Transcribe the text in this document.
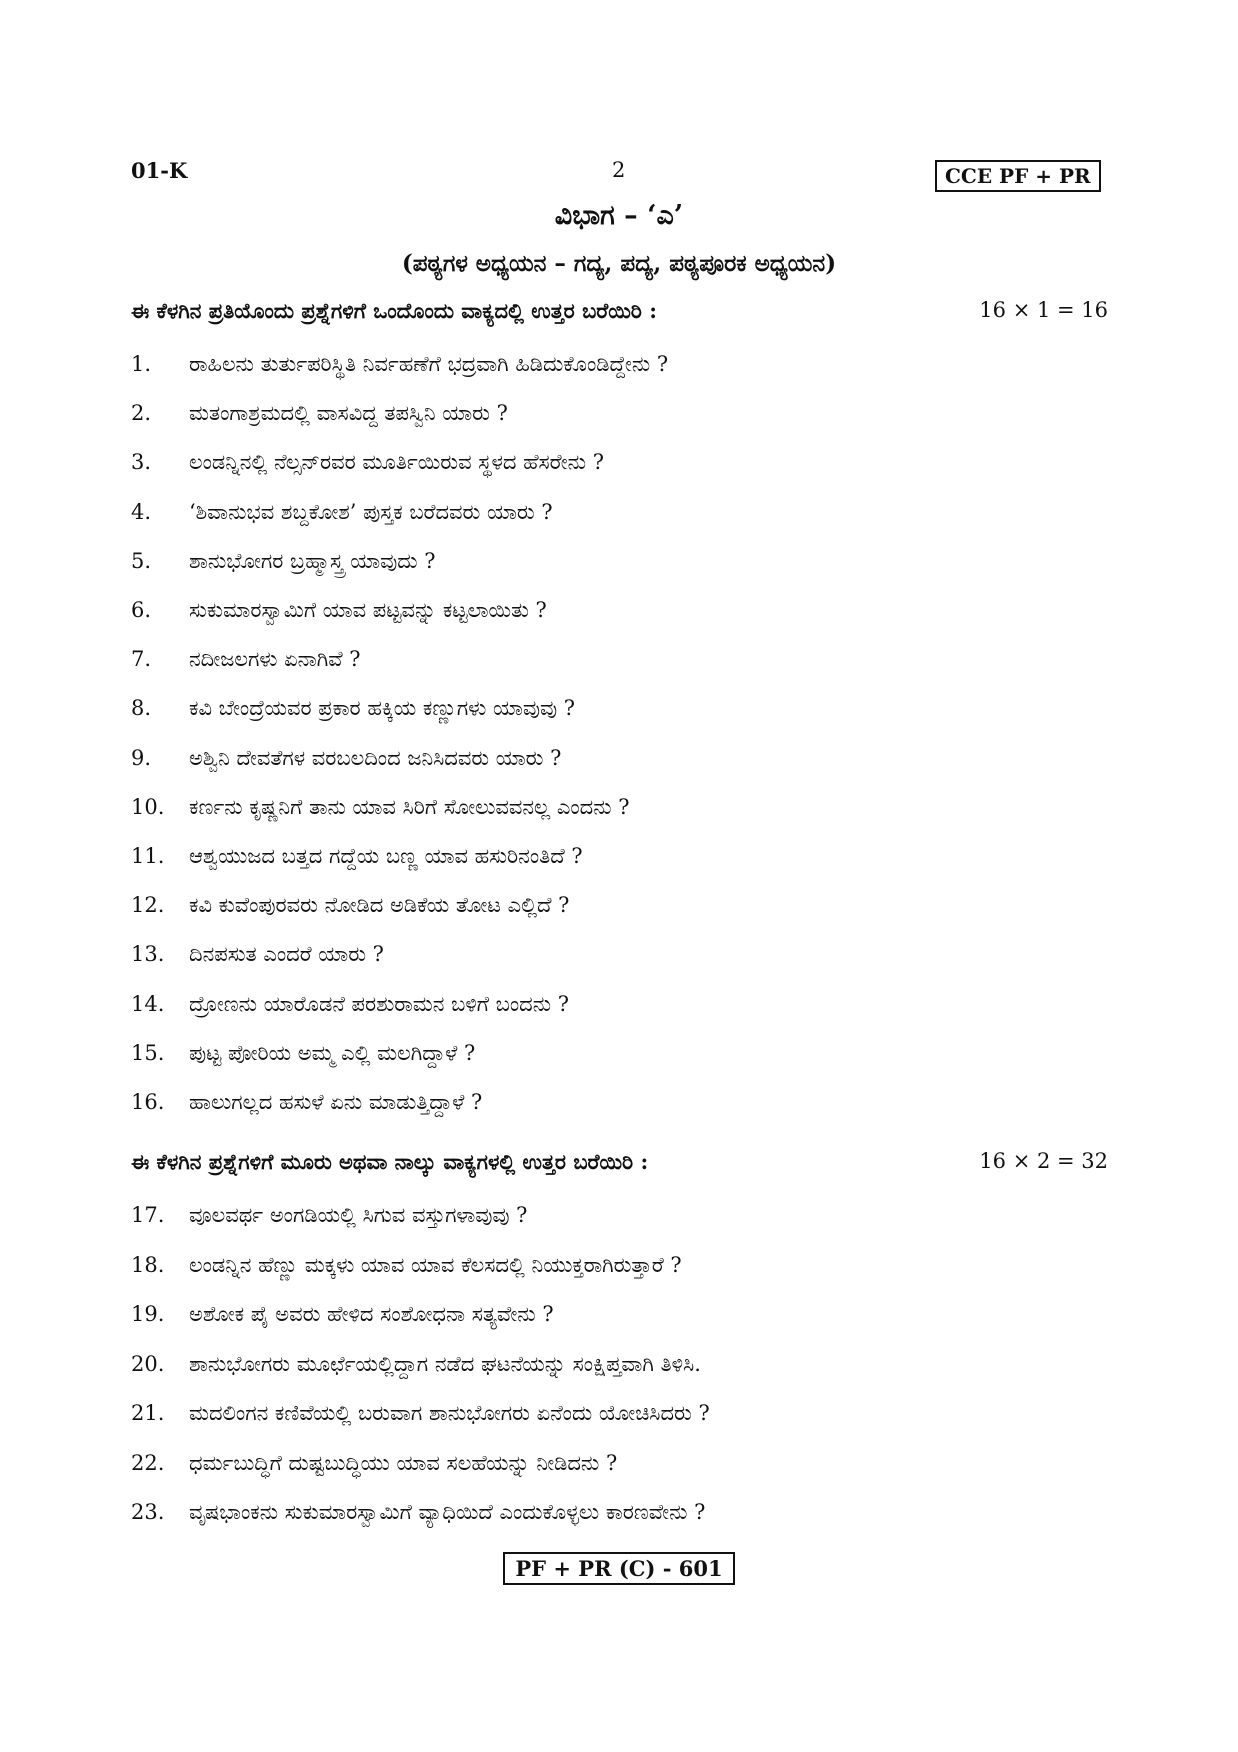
01-K	2	CCE PF + PR
ವಿಭಾಗ – ‘ಎ’
(ಪಠ್ಯಗಳ ಅಧ್ಯಯನ – ಗದ್ಯ, ಪದ್ಯ, ಪಠ್ಯಪೂರಕ ಅಧ್ಯಯನ)
ಈ ಕೆಳಗಿನ ಪ್ರತಿಯೊಂದು ಪ್ರಶ್ನೆಗಳಿಗೆ ಒಂದೊಂದು ವಾಕ್ಯದಲ್ಲಿ ಉತ್ತರ ಬರೆಯಿರಿ :	16 × 1 = 16
1. ರಾಹಿಲನು ತುರ್ತುಪರಿಸ್ಥಿತಿ ನಿರ್ವಹಣೆಗೆ ಭದ್ರವಾಗಿ ಹಿಡಿದುಕೊಂಡಿದ್ದೇನು ?
2. ಮತಂಗಾಶ್ರಮದಲ್ಲಿ ವಾಸವಿದ್ದ ತಪಸ್ವಿನಿ ಯಾರು ?
3. ಲಂಡನ್ನಿನಲ್ಲಿ ನೆಲ್ಸನ್‌ರವರ ಮೂರ್ತಿಯಿರುವ ಸ್ಥಳದ ಹೆಸರೇನು ?
4. ‘ಶಿವಾನುಭವ ಶಬ್ದಕೋಶ’ ಪುಸ್ತಕ ಬರೆದವರು ಯಾರು ?
5. ಶಾನುಭೋಗರ ಬ್ರಹ್ಮಾಸ್ತ್ರ ಯಾವುದು ?
6. ಸುಕುಮಾರಸ್ವಾಮಿಗೆ ಯಾವ ಪಟ್ಟವನ್ನು ಕಟ್ಟಲಾಯಿತು ?
7. ನದೀಜಲಗಳು ಏನಾಗಿವೆ ?
8. ಕವಿ ಬೇಂದ್ರೆಯವರ ಪ್ರಕಾರ ಹಕ್ಕಿಯ ಕಣ್ಣುಗಳು ಯಾವುವು ?
9. ಅಶ್ವಿನಿ ದೇವತೆಗಳ ವರಬಲದಿಂದ ಜನಿಸಿದವರು ಯಾರು ?
10. ಕರ್ಣನು ಕೃಷ್ಣನಿಗೆ ತಾನು ಯಾವ ಸಿರಿಗೆ ಸೋಲುವವನಲ್ಲ ಎಂದನು ?
11. ಆಶ್ವಯುಜದ ಬತ್ತದ ಗದ್ದೆಯ ಬಣ್ಣ ಯಾವ ಹಸುರಿನಂತಿದೆ ?
12. ಕವಿ ಕುವೆಂಪುರವರು ನೋಡಿದ ಅಡಿಕೆಯ ತೋಟ ಎಲ್ಲಿದೆ ?
13. ದಿನಪಸುತ ಎಂದರೆ ಯಾರು ?
14. ದ್ರೋಣನು ಯಾರೊಡನೆ ಪರಶುರಾಮನ ಬಳಿಗೆ ಬಂದನು ?
15. ಪುಟ್ಟ ಪೋರಿಯ ಅಮ್ಮ ಎಲ್ಲಿ ಮಲಗಿದ್ದಾಳೆ ?
16. ಹಾಲುಗಲ್ಲದ ಹಸುಳೆ ಏನು ಮಾಡುತ್ತಿದ್ದಾಳೆ ?
ಈ ಕೆಳಗಿನ ಪ್ರಶ್ನೆಗಳಿಗೆ ಮೂರು ಅಥವಾ ನಾಲ್ಕು ವಾಕ್ಯಗಳಲ್ಲಿ ಉತ್ತರ ಬರೆಯಿರಿ :	16 × 2 = 32
17. ವೂಲವರ್ಥ ಅಂಗಡಿಯಲ್ಲಿ ಸಿಗುವ ವಸ್ತುಗಳಾವುವು ?
18. ಲಂಡನ್ನಿನ ಹೆಣ್ಣು ಮಕ್ಕಳು ಯಾವ ಯಾವ ಕೆಲಸದಲ್ಲಿ ನಿಯುಕ್ತರಾಗಿರುತ್ತಾರೆ ?
19. ಅಶೋಕ ಪೈ ಅವರು ಹೇಳಿದ ಸಂಶೋಧನಾ ಸತ್ಯವೇನು ?
20. ಶಾನುಭೋಗರು ಮೂರ್ಛೆಯಲ್ಲಿದ್ದಾಗ ನಡೆದ ಘಟನೆಯನ್ನು ಸಂಕ್ಷಿಪ್ತವಾಗಿ ತಿಳಿಸಿ.
21. ಮದಲಿಂಗನ ಕಣಿವೆಯಲ್ಲಿ ಬರುವಾಗ ಶಾನುಭೋಗರು ಏನೆಂದು ಯೋಚಿಸಿದರು ?
22. ಧರ್ಮಬುದ್ಧಿಗೆ ದುಷ್ಟಬುದ್ಧಿಯು ಯಾವ ಸಲಹೆಯನ್ನು ನೀಡಿದನು ?
23. ವೃಷಭಾಂಕನು ಸುಕುಮಾರಸ್ವಾಮಿಗೆ ವ್ಯಾಧಿಯಿದೆ ಎಂದುಕೊಳ್ಳಲು ಕಾರಣವೇನು ?
PF + PR (C) - 601
